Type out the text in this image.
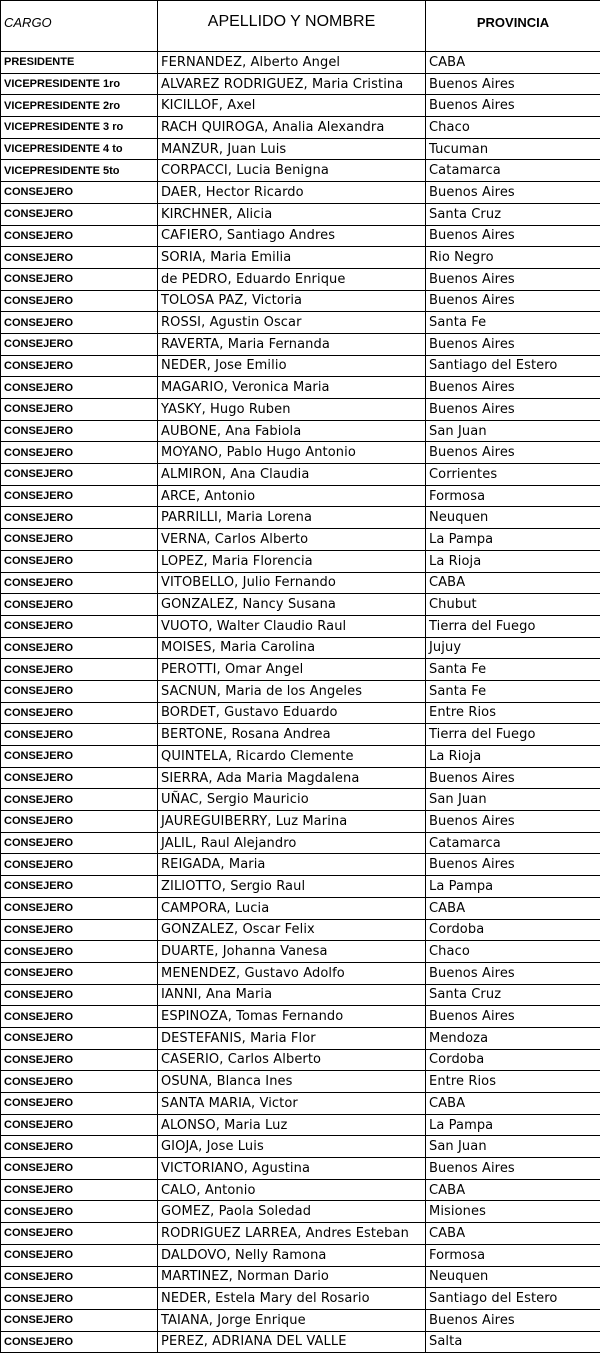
CARGO	APELLIDO Y NOMBRE	PROVINCIA
PRESIDENTE	FERNANDEZ, Alberto Angel	CABA
VICEPRESIDENTE 1ro	ALVAREZ RODRIGUEZ, Maria Cristina	Buenos Aires
VICEPRESIDENTE 2ro	KICILLOF, Axel	Buenos Aires
VICEPRESIDENTE 3 ro	RACH QUIROGA, Analia Alexandra	Chaco
VICEPRESIDENTE 4 to	MANZUR, Juan Luis	Tucuman
VICEPRESIDENTE 5to	CORPACCI, Lucia Benigna	Catamarca
CONSEJERO	DAER, Hector Ricardo	Buenos Aires
CONSEJERO	KIRCHNER, Alicia	Santa Cruz
CONSEJERO	CAFIERO, Santiago Andres	Buenos Aires
CONSEJERO	SORIA, Maria Emilia	Rio Negro
CONSEJERO	de PEDRO, Eduardo Enrique	Buenos Aires
CONSEJERO	TOLOSA PAZ, Victoria	Buenos Aires
CONSEJERO	ROSSI, Agustin Oscar	Santa Fe
CONSEJERO	RAVERTA, Maria Fernanda	Buenos Aires
CONSEJERO	NEDER, Jose Emilio	Santiago del Estero
CONSEJERO	MAGARIO, Veronica Maria	Buenos Aires
CONSEJERO	YASKY, Hugo Ruben	Buenos Aires
CONSEJERO	AUBONE, Ana Fabiola	San Juan
CONSEJERO	MOYANO, Pablo Hugo Antonio	Buenos Aires
CONSEJERO	ALMIRON, Ana Claudia	Corrientes
CONSEJERO	ARCE, Antonio	Formosa
CONSEJERO	PARRILLI, Maria Lorena	Neuquen
CONSEJERO	VERNA, Carlos Alberto	La Pampa
CONSEJERO	LOPEZ, Maria Florencia	La Rioja
CONSEJERO	VITOBELLO, Julio Fernando	CABA
CONSEJERO	GONZALEZ, Nancy Susana	Chubut
CONSEJERO	VUOTO, Walter Claudio Raul	Tierra del Fuego
CONSEJERO	MOISES, Maria Carolina	Jujuy
CONSEJERO	PEROTTI, Omar Angel	Santa Fe
CONSEJERO	SACNUN, Maria de los Angeles	Santa Fe
CONSEJERO	BORDET, Gustavo Eduardo	Entre Rios
CONSEJERO	BERTONE, Rosana Andrea	Tierra del Fuego
CONSEJERO	QUINTELA, Ricardo Clemente	La Rioja
CONSEJERO	SIERRA, Ada Maria Magdalena	Buenos Aires
CONSEJERO	UÑAC, Sergio Mauricio	San Juan
CONSEJERO	JAUREGUIBERRY, Luz Marina	Buenos Aires
CONSEJERO	JALIL, Raul Alejandro	Catamarca
CONSEJERO	REIGADA, Maria	Buenos Aires
CONSEJERO	ZILIOTTO, Sergio Raul	La Pampa
CONSEJERO	CAMPORA, Lucia	CABA
CONSEJERO	GONZALEZ, Oscar Felix	Cordoba
CONSEJERO	DUARTE, Johanna Vanesa	Chaco
CONSEJERO	MENENDEZ, Gustavo Adolfo	Buenos Aires
CONSEJERO	IANNI, Ana Maria	Santa Cruz
CONSEJERO	ESPINOZA, Tomas Fernando	Buenos Aires
CONSEJERO	DESTEFANIS, Maria Flor	Mendoza
CONSEJERO	CASERIO, Carlos Alberto	Cordoba
CONSEJERO	OSUNA, Blanca Ines	Entre Rios
CONSEJERO	SANTA MARIA, Victor	CABA
CONSEJERO	ALONSO, Maria Luz	La Pampa
CONSEJERO	GIOJA, Jose Luis	San Juan
CONSEJERO	VICTORIANO, Agustina	Buenos Aires
CONSEJERO	CALO, Antonio	CABA
CONSEJERO	GOMEZ, Paola Soledad	Misiones
CONSEJERO	RODRIGUEZ LARREA, Andres Esteban	CABA
CONSEJERO	DALDOVO, Nelly Ramona	Formosa
CONSEJERO	MARTINEZ, Norman Dario	Neuquen
CONSEJERO	NEDER, Estela Mary del Rosario	Santiago del Estero
CONSEJERO	TAIANA, Jorge Enrique	Buenos Aires
CONSEJERO	PEREZ, ADRIANA DEL VALLE	Salta
